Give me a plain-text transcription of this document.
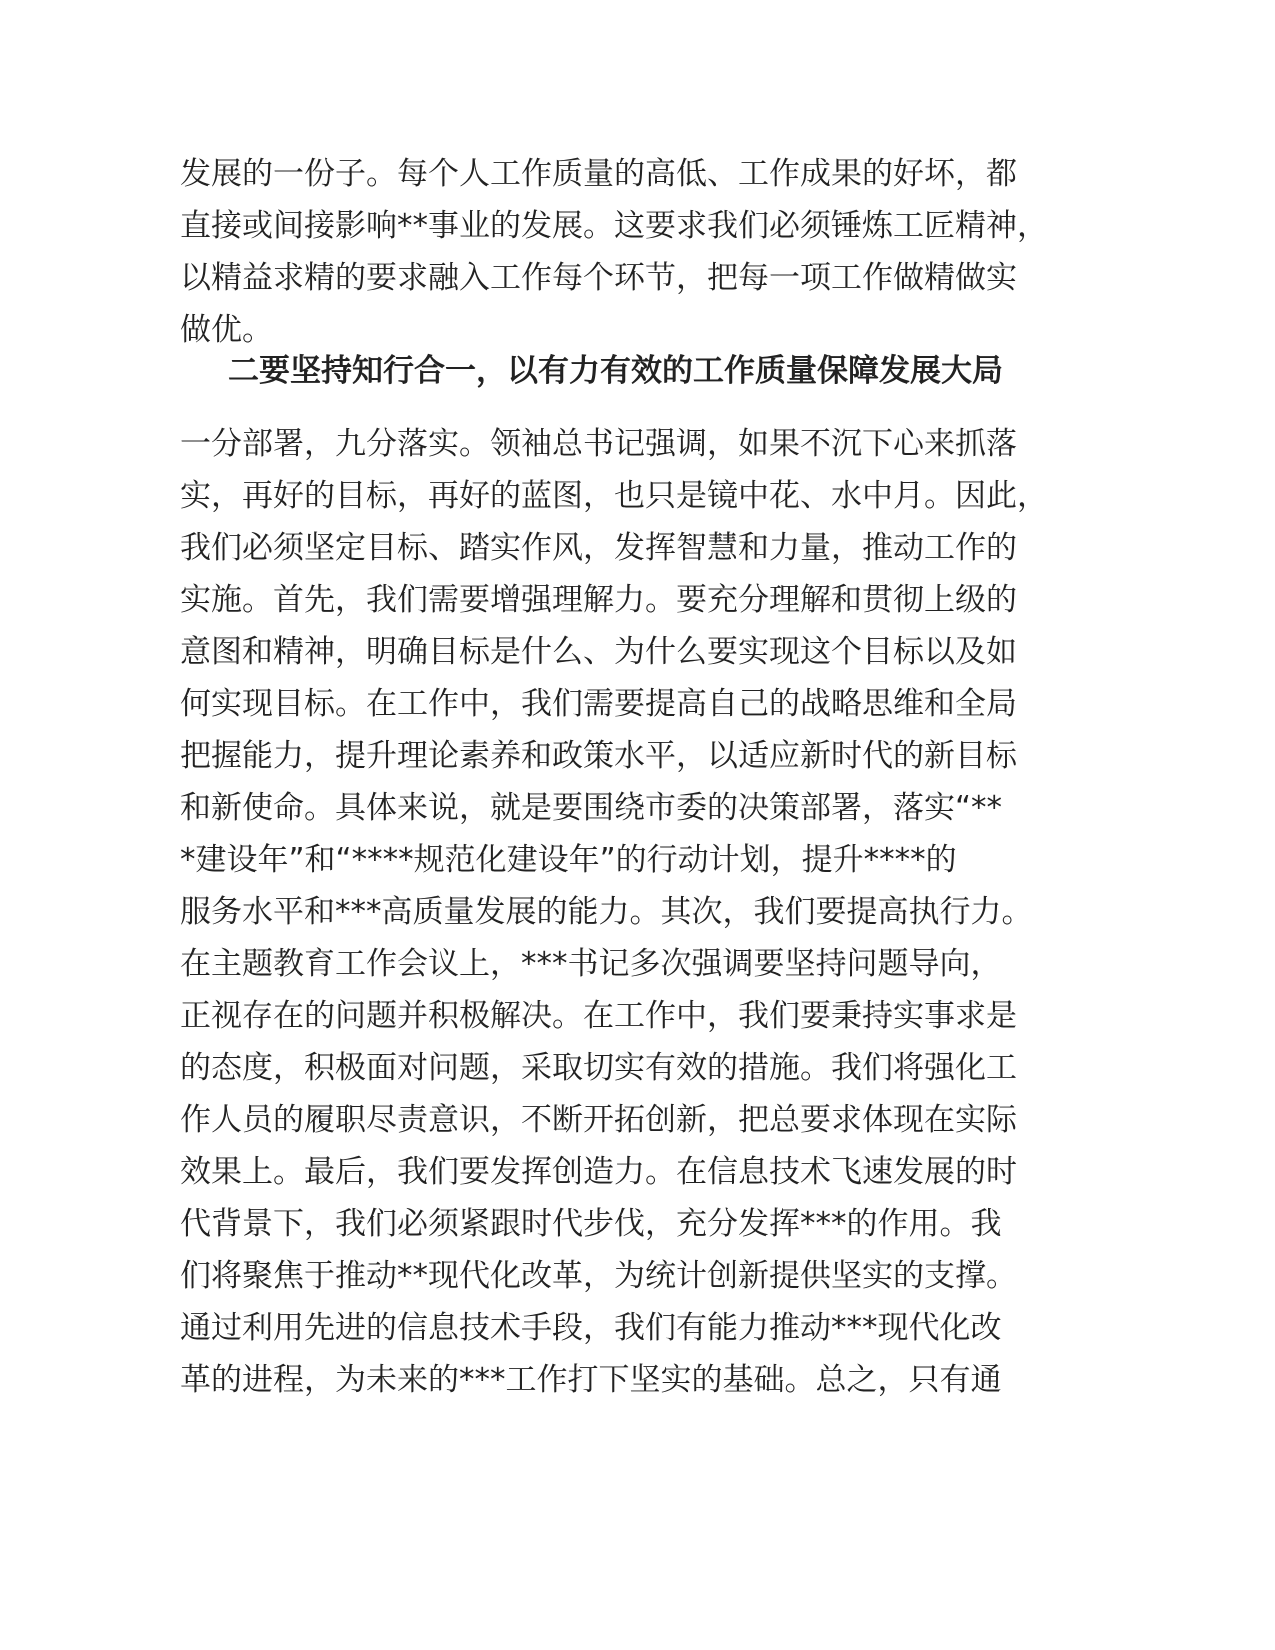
发展的一份子。每个人工作质量的高低、工作成果的好坏，都
直接或间接影响**事业的发展。这要求我们必须锤炼工匠精神，
以精益求精的要求融入工作每个环节，把每一项工作做精做实
做优。
二要坚持知行合一，以有力有效的工作质量保障发展大局
一分部署，九分落实。领袖总书记强调，如果不沉下心来抓落
实，再好的目标，再好的蓝图，也只是镜中花、水中月。因此，
我们必须坚定目标、踏实作风，发挥智慧和力量，推动工作的
实施。首先，我们需要增强理解力。要充分理解和贯彻上级的
意图和精神，明确目标是什么、为什么要实现这个目标以及如
何实现目标。在工作中，我们需要提高自己的战略思维和全局
把握能力，提升理论素养和政策水平，以适应新时代的新目标
和新使命。具体来说，就是要围绕市委的决策部署，落实“**
*建设年”和“****规范化建设年”的行动计划，提升****的
服务水平和***高质量发展的能力。其次，我们要提高执行力。
在主题教育工作会议上，***书记多次强调要坚持问题导向，
正视存在的问题并积极解决。在工作中，我们要秉持实事求是
的态度，积极面对问题，采取切实有效的措施。我们将强化工
作人员的履职尽责意识，不断开拓创新，把总要求体现在实际
效果上。最后，我们要发挥创造力。在信息技术飞速发展的时
代背景下，我们必须紧跟时代步伐，充分发挥***的作用。我
们将聚焦于推动**现代化改革，为统计创新提供坚实的支撑。
通过利用先进的信息技术手段，我们有能力推动***现代化改
革的进程，为未来的***工作打下坚实的基础。总之，只有通
